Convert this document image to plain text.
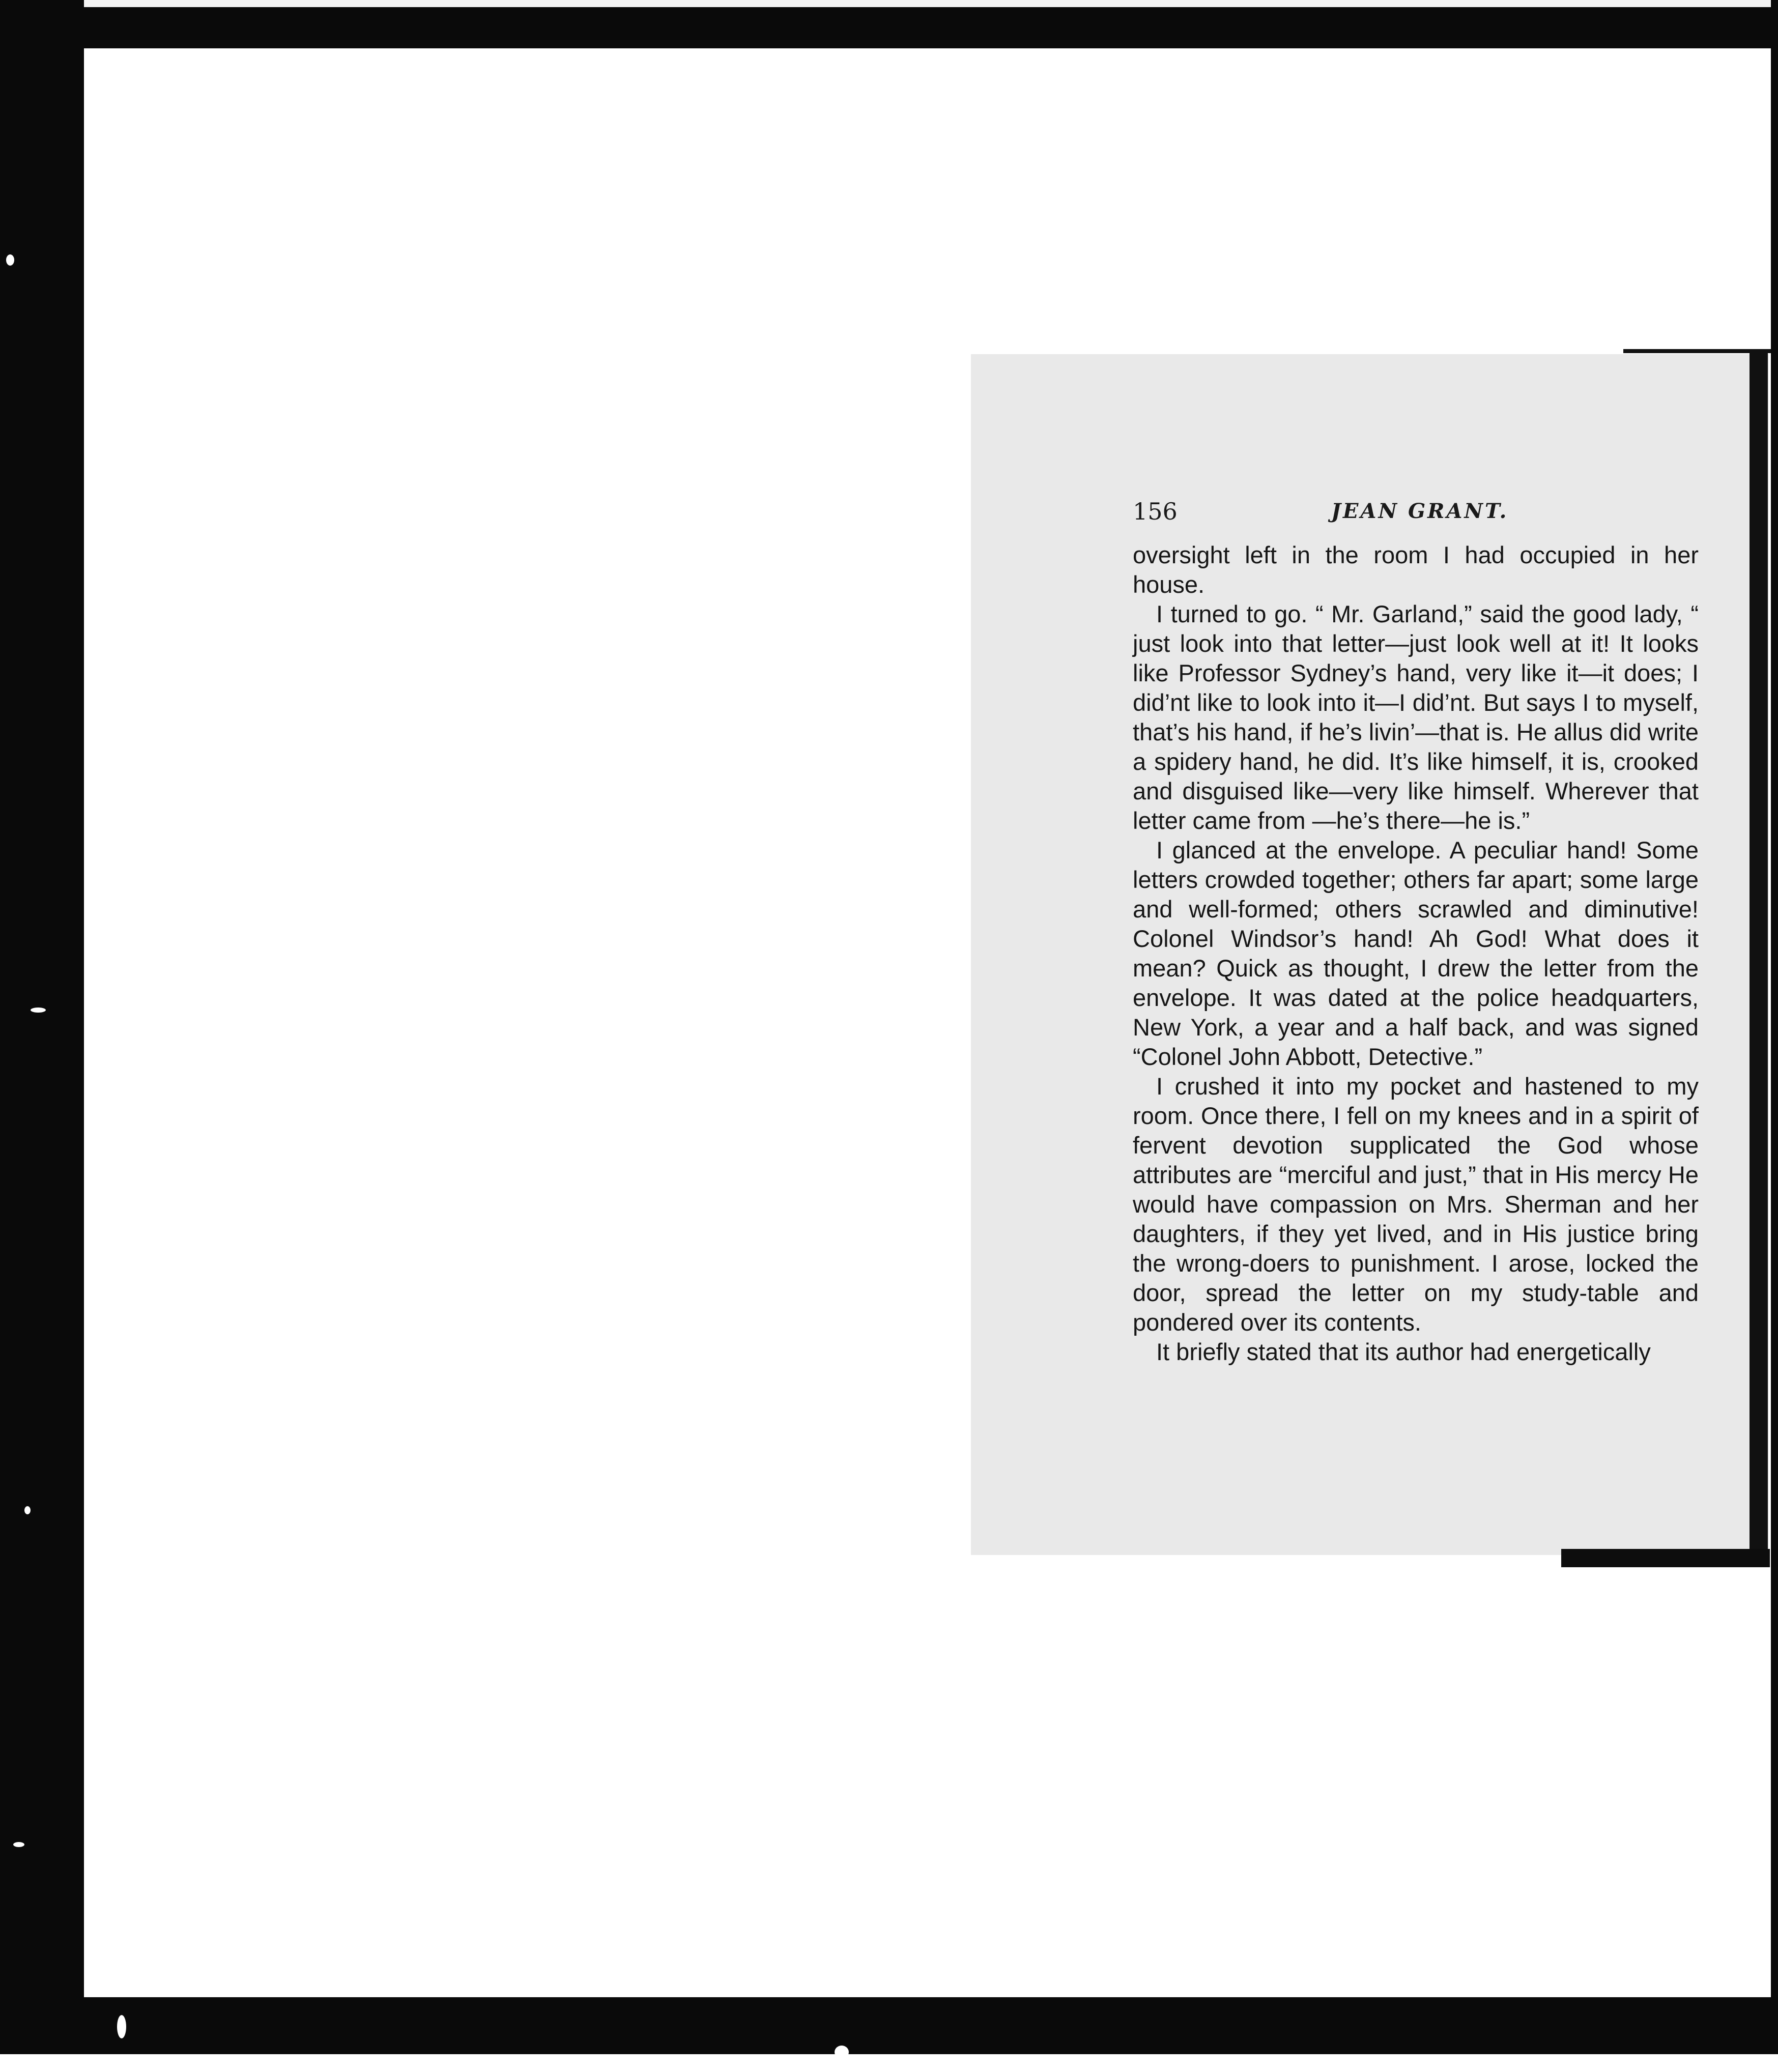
156	JEAN GRANT.

oversight left in the room I had occupied in her house.

I turned to go. “ Mr. Garland,” said the good lady, “ just look into that letter—just look well at it! It looks like Professor Sydney’s hand, very like it—it does; I did’nt like to look into it—I did’nt. But says I to myself, that’s his hand, if he’s livin’—that is. He allus did write a spidery hand, he did. It’s like himself, it is, crooked and disguised like—very like himself. Wherever that letter came from —he’s there—he is.”

I glanced at the envelope. A peculiar hand! Some letters crowded together; others far apart; some large and well-formed; others scrawled and diminutive! Colonel Windsor’s hand! Ah God! What does it mean? Quick as thought, I drew the letter from the envelope. It was dated at the police headquarters, New York, a year and a half back, and was signed “Colonel John Abbott, Detective.”

I crushed it into my pocket and hastened to my room. Once there, I fell on my knees and in a spirit of fervent devotion supplicated the God whose attributes are “merciful and just,” that in His mercy He would have compassion on Mrs. Sherman and her daughters, if they yet lived, and in His justice bring the wrong-doers to punishment. I arose, locked the door, spread the letter on my study-table and pondered over its contents.

It briefly stated that its author had energetically
